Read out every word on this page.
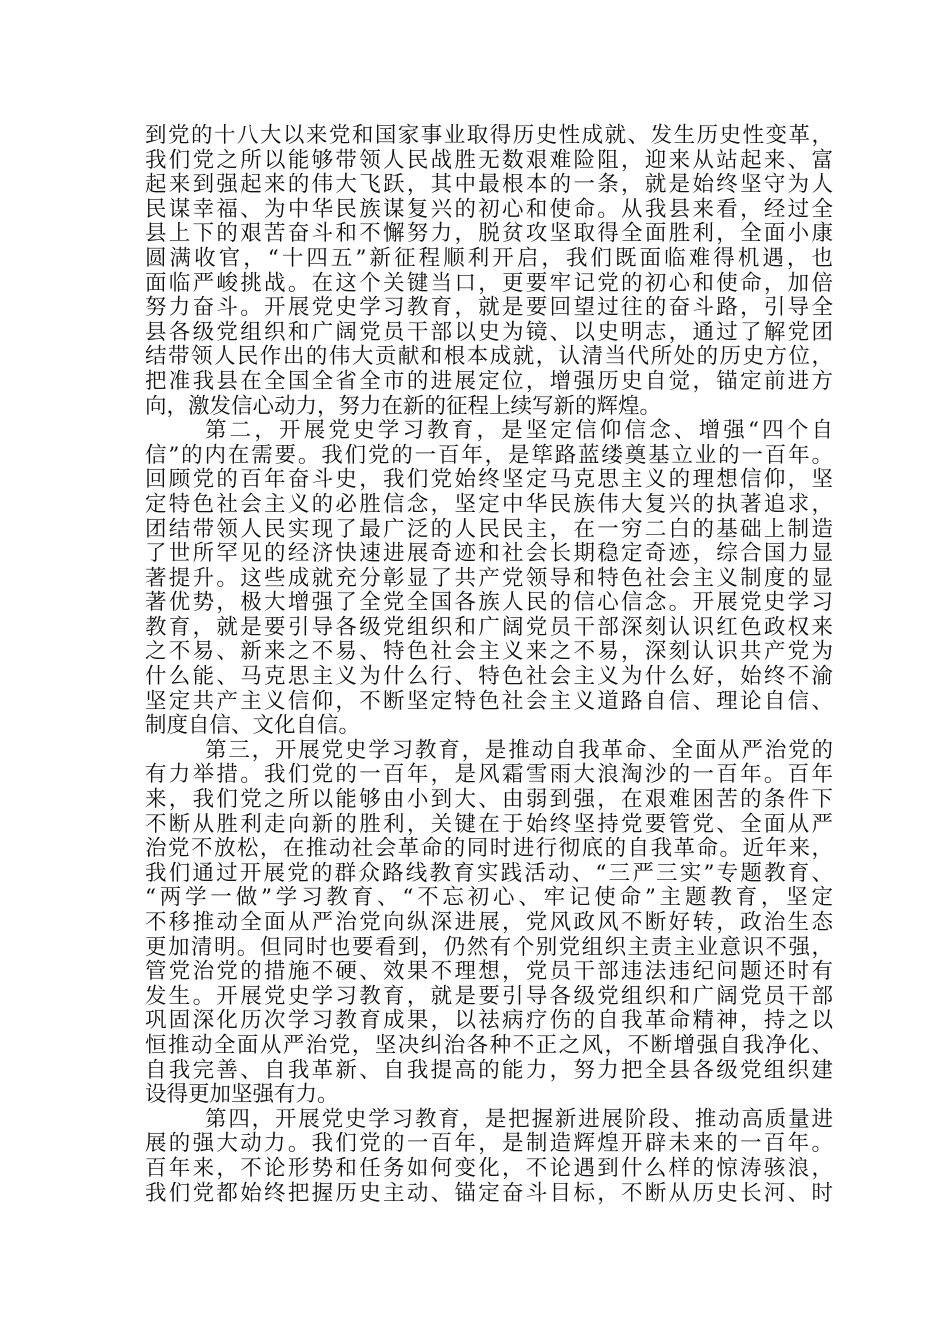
到党的十八大以来党和国家事业取得历史性成就、发生历史性变革，
我们党之所以能够带领人民战胜无数艰难险阻，迎来从站起来、富
起来到强起来的伟大飞跃，其中最根本的一条，就是始终坚守为人
民谋幸福、为中华民族谋复兴的初心和使命。从我县来看，经过全
县上下的艰苦奋斗和不懈努力，脱贫攻坚取得全面胜利，全面小康
圆满收官，“十四五”新征程顺利开启，我们既面临难得机遇，也
面临严峻挑战。在这个关键当口，更要牢记党的初心和使命，加倍
努力奋斗。开展党史学习教育，就是要回望过往的奋斗路，引导全
县各级党组织和广阔党员干部以史为镜、以史明志，通过了解党团
结带领人民作出的伟大贡献和根本成就，认清当代所处的历史方位，
把准我县在全国全省全市的进展定位，增强历史自觉，锚定前进方
向，激发信心动力，努力在新的征程上续写新的辉煌。
第二，开展党史学习教育，是坚定信仰信念、增强“四个自
信”的内在需要。我们党的一百年，是筚路蓝缕奠基立业的一百年。
回顾党的百年奋斗史，我们党始终坚定马克思主义的理想信仰，坚
定特色社会主义的必胜信念，坚定中华民族伟大复兴的执著追求，
团结带领人民实现了最广泛的人民民主，在一穷二白的基础上制造
了世所罕见的经济快速进展奇迹和社会长期稳定奇迹，综合国力显
著提升。这些成就充分彰显了共产党领导和特色社会主义制度的显
著优势，极大增强了全党全国各族人民的信心信念。开展党史学习
教育，就是要引导各级党组织和广阔党员干部深刻认识红色政权来
之不易、新来之不易、特色社会主义来之不易，深刻认识共产党为
什么能、马克思主义为什么行、特色社会主义为什么好，始终不渝
坚定共产主义信仰，不断坚定特色社会主义道路自信、理论自信、
制度自信、文化自信。
第三，开展党史学习教育，是推动自我革命、全面从严治党的
有力举措。我们党的一百年，是风霜雪雨大浪淘沙的一百年。百年
来，我们党之所以能够由小到大、由弱到强，在艰难困苦的条件下
不断从胜利走向新的胜利，关键在于始终坚持党要管党、全面从严
治党不放松，在推动社会革命的同时进行彻底的自我革命。近年来，
我们通过开展党的群众路线教育实践活动、“三严三实”专题教育、
“两学一做”学习教育、“不忘初心、牢记使命”主题教育，坚定
不移推动全面从严治党向纵深进展，党风政风不断好转，政治生态
更加清明。但同时也要看到，仍然有个别党组织主责主业意识不强，
管党治党的措施不硬、效果不理想，党员干部违法违纪问题还时有
发生。开展党史学习教育，就是要引导各级党组织和广阔党员干部
巩固深化历次学习教育成果，以祛病疗伤的自我革命精神，持之以
恒推动全面从严治党，坚决纠治各种不正之风，不断增强自我净化、
自我完善、自我革新、自我提高的能力，努力把全县各级党组织建
设得更加坚强有力。
第四，开展党史学习教育，是把握新进展阶段、推动高质量进
展的强大动力。我们党的一百年，是制造辉煌开辟未来的一百年。
百年来，不论形势和任务如何变化，不论遇到什么样的惊涛骇浪，
我们党都始终把握历史主动、锚定奋斗目标，不断从历史长河、时
